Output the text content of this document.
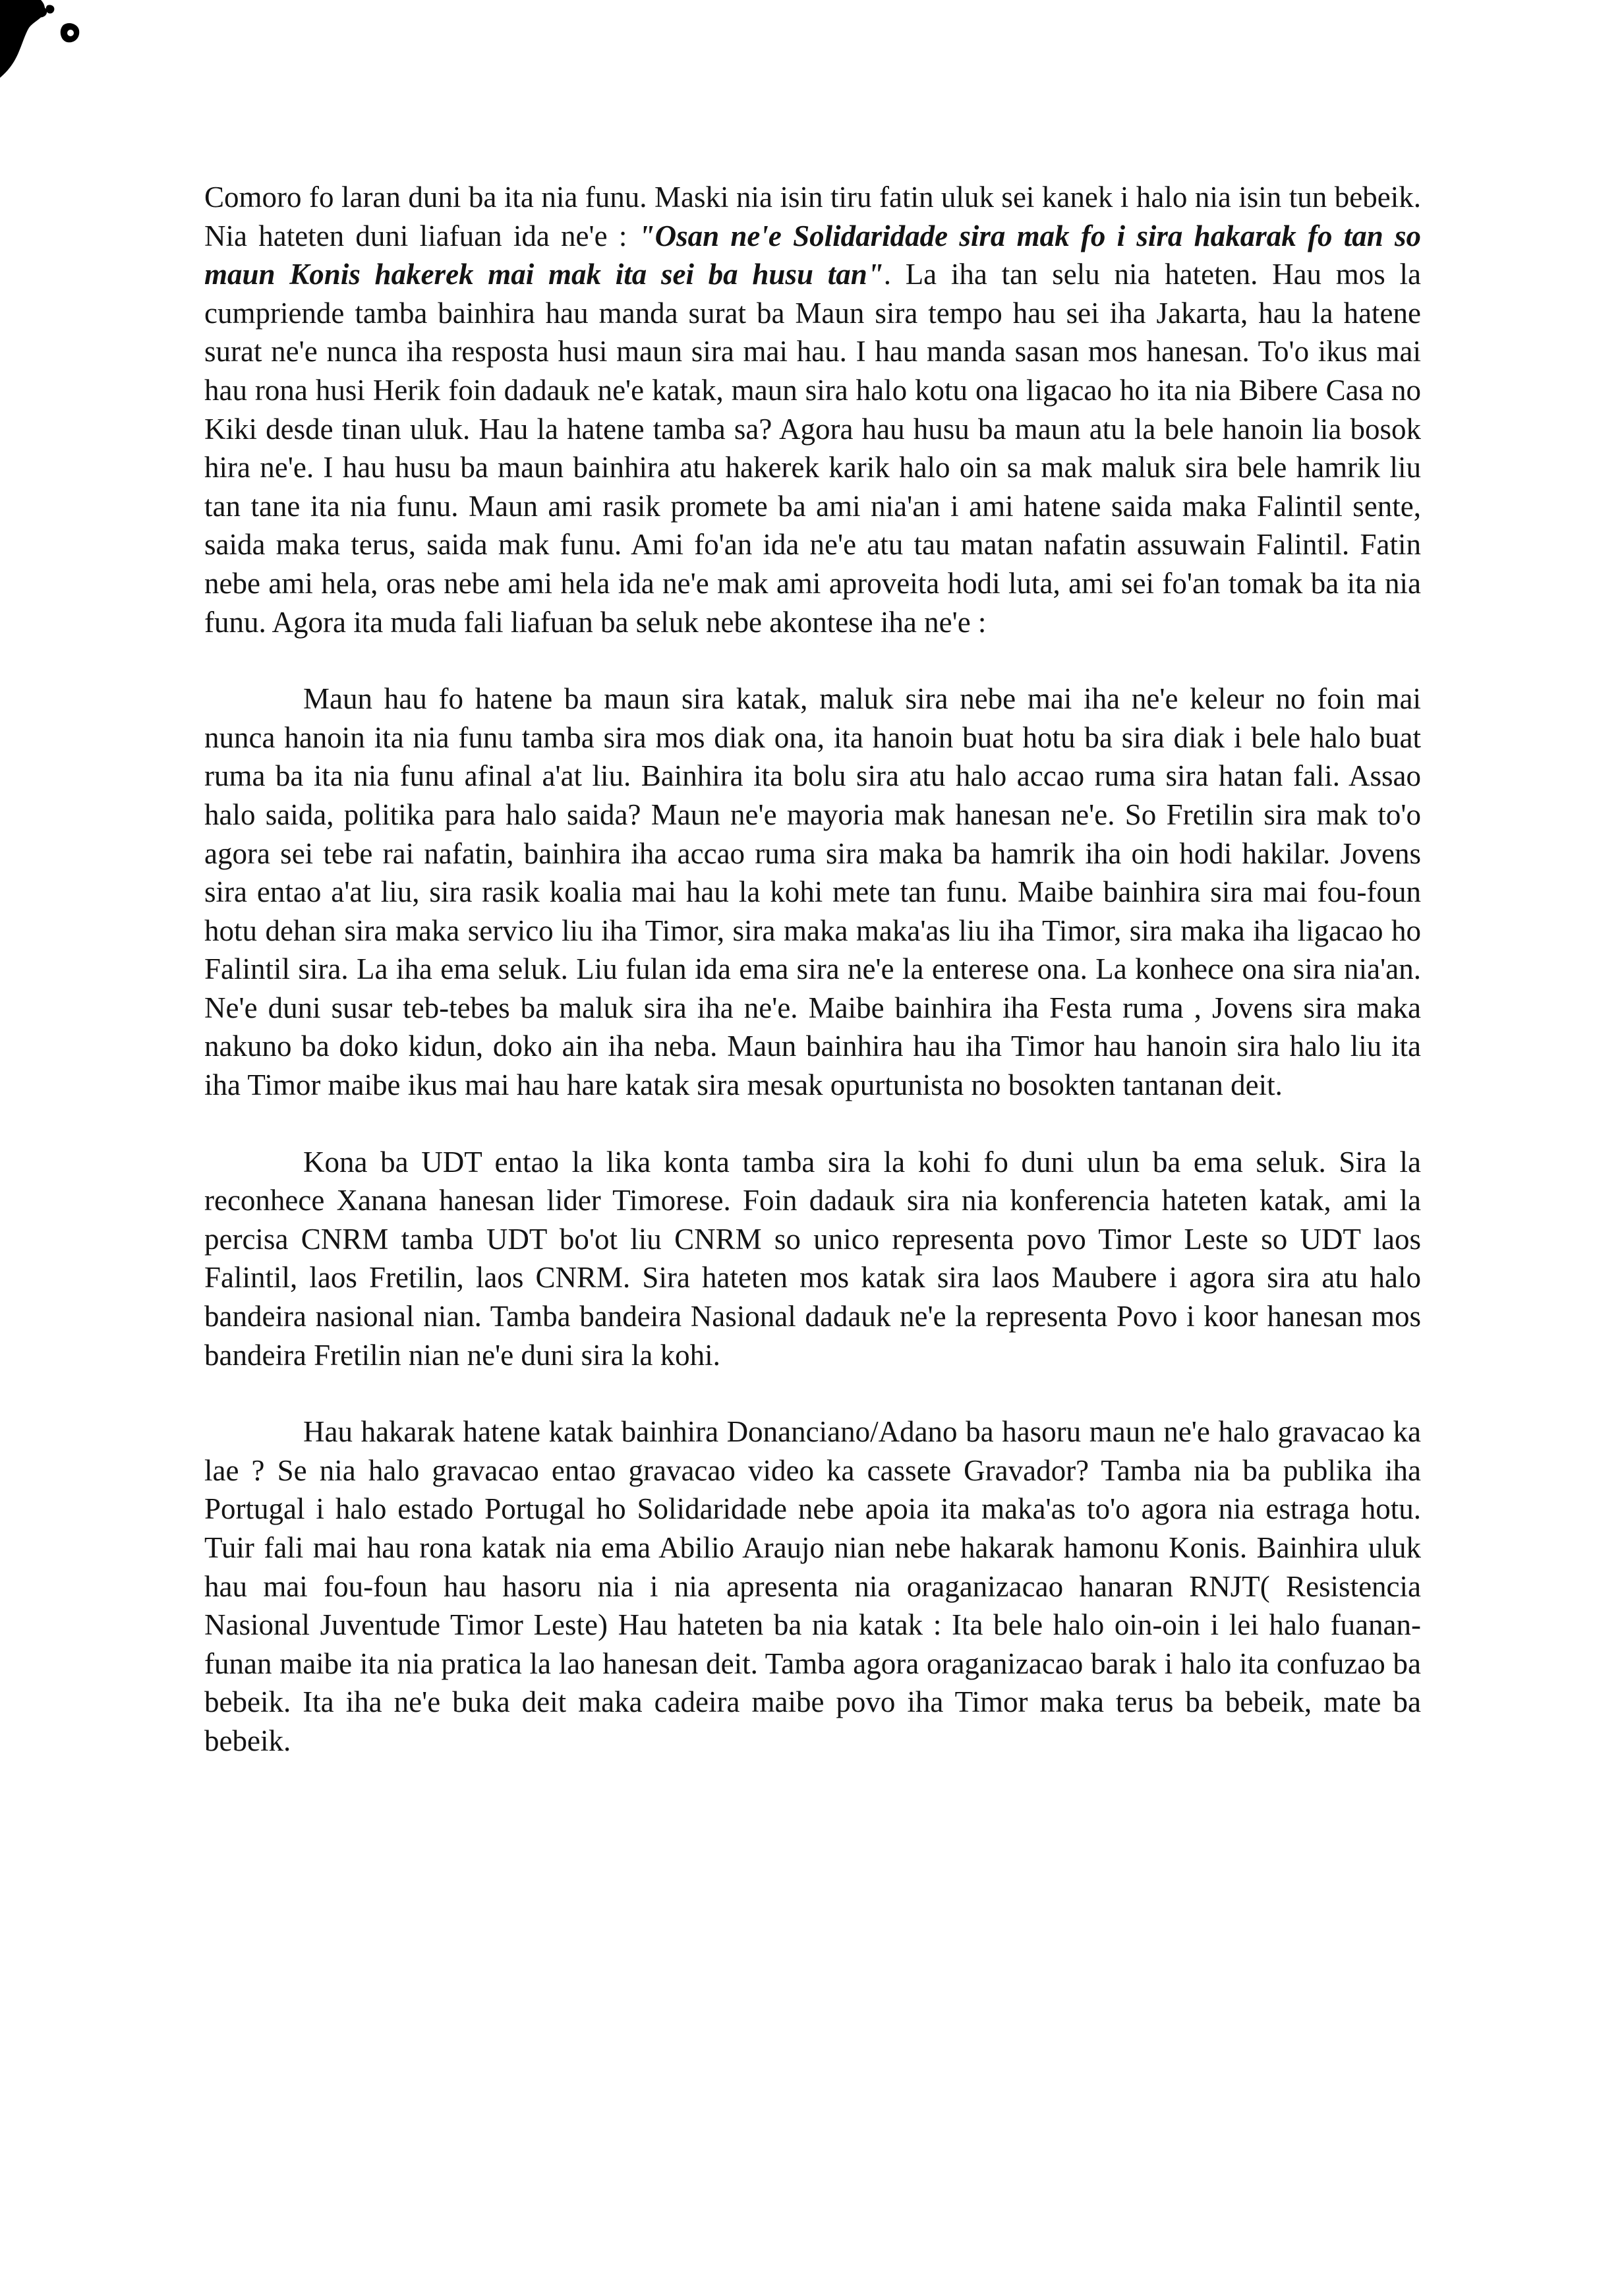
Comoro fo laran duni ba ita nia funu. Maski nia isin tiru fatin uluk sei kanek i halo nia isin tun bebeik. Nia hateten duni liafuan ida ne'e : "Osan ne'e Solidaridade sira mak fo i sira hakarak fo tan so maun Konis hakerek mai mak ita sei ba husu tan". La iha tan selu nia hateten. Hau mos la cumpriende tamba bainhira hau manda surat ba Maun sira tempo hau sei iha Jakarta, hau la hatene surat ne'e nunca iha resposta husi maun sira mai hau. I hau manda sasan mos hanesan. To'o ikus mai hau rona husi Herik foin dadauk ne'e katak, maun sira halo kotu ona ligacao ho ita nia Bibere Casa no Kiki desde tinan uluk. Hau la hatene tamba sa? Agora hau husu ba maun atu la bele hanoin lia bosok hira ne'e. I hau husu ba maun bainhira atu hakerek karik halo oin sa mak maluk sira bele hamrik liu tan tane ita nia funu. Maun ami rasik promete ba ami nia'an i ami hatene saida maka Falintil sente, saida maka terus, saida mak funu. Ami fo'an ida ne'e atu tau matan nafatin assuwain Falintil. Fatin nebe ami hela, oras nebe ami hela ida ne'e mak ami aproveita hodi luta, ami sei fo'an tomak ba ita nia funu. Agora ita muda fali liafuan ba seluk nebe akontese iha ne'e :

Maun hau fo hatene ba maun sira katak, maluk sira nebe mai iha ne'e keleur no foin mai nunca hanoin ita nia funu tamba sira mos diak ona, ita hanoin buat hotu ba sira diak i bele halo buat ruma ba ita nia funu afinal a'at liu. Bainhira ita bolu sira atu halo accao ruma sira hatan fali. Assao halo saida, politika para halo saida? Maun ne'e mayoria mak hanesan ne'e. So Fretilin sira mak to'o agora sei tebe rai nafatin, bainhira iha accao ruma sira maka ba hamrik iha oin hodi hakilar. Jovens sira entao a'at liu, sira rasik koalia mai hau la kohi mete tan funu. Maibe bainhira sira mai fou-foun hotu dehan sira maka servico liu iha Timor, sira maka maka'as liu iha Timor, sira maka iha ligacao ho Falintil sira. La iha ema seluk. Liu fulan ida ema sira ne'e la enterese ona. La konhece ona sira nia'an. Ne'e duni susar teb-tebes ba maluk sira iha ne'e. Maibe bainhira iha Festa ruma , Jovens sira maka nakuno ba doko kidun, doko ain iha neba. Maun bainhira hau iha Timor hau hanoin sira halo liu ita iha Timor maibe ikus mai hau hare katak sira mesak opurtunista no bosokten tantanan deit.

Kona ba UDT entao la lika konta tamba sira la kohi fo duni ulun ba ema seluk. Sira la reconhece Xanana hanesan lider Timorese. Foin dadauk sira nia konferencia hateten katak, ami la percisa CNRM tamba UDT bo'ot liu CNRM so unico representa povo Timor Leste so UDT laos Falintil, laos Fretilin, laos CNRM. Sira hateten mos katak sira laos Maubere i agora sira atu halo bandeira nasional nian. Tamba bandeira Nasional dadauk ne'e la representa Povo i koor hanesan mos bandeira Fretilin nian ne'e duni sira la kohi.

Hau hakarak hatene katak bainhira Donanciano/Adano ba hasoru maun ne'e halo gravacao ka lae ? Se nia halo gravacao entao gravacao video ka cassete Gravador? Tamba nia ba publika iha Portugal i halo estado Portugal ho Solidaridade nebe apoia ita maka'as to'o agora nia estraga hotu. Tuir fali mai hau rona katak nia ema Abilio Araujo nian nebe hakarak hamonu Konis. Bainhira uluk hau mai fou-foun hau hasoru nia i nia apresenta nia oraganizacao hanaran RNJT( Resistencia Nasional Juventude Timor Leste) Hau hateten ba nia katak : Ita bele halo oin-oin i lei halo fuanan-funan maibe ita nia pratica la lao hanesan deit. Tamba agora oraganizacao barak i halo ita confuzao ba bebeik. Ita iha ne'e buka deit maka cadeira maibe povo iha Timor maka terus ba bebeik, mate ba bebeik.
